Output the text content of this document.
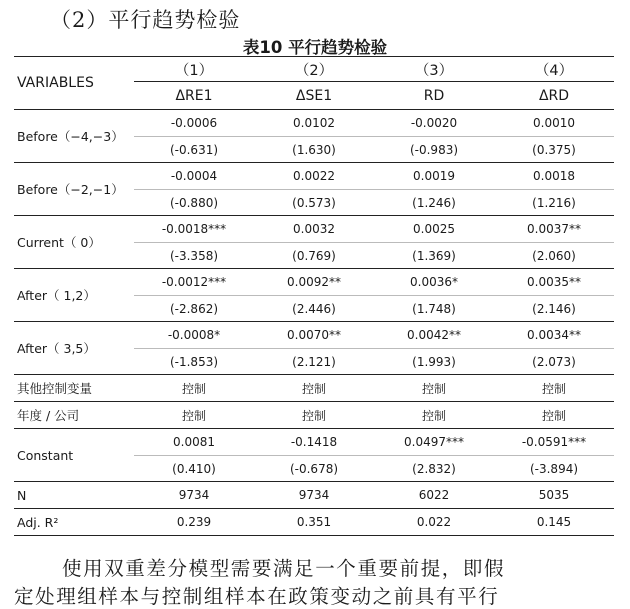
（2）平行趋势检验
表10 平行趋势检验
VARIABLES	（1）	（2）	（3）	（4）
	ΔRE1	ΔSE1	RD	ΔRD
Before（−4,−3）	-0.0006	0.0102	-0.0020	0.0010
	(-0.631)	(1.630)	(-0.983)	(0.375)
Before（−2,−1）	-0.0004	0.0022	0.0019	0.0018
	(-0.880)	(0.573)	(1.246)	(1.216)
Current（ 0）	-0.0018***	0.0032	0.0025	0.0037**
	(-3.358)	(0.769)	(1.369)	(2.060)
After（ 1,2）	-0.0012***	0.0092**	0.0036*	0.0035**
	(-2.862)	(2.446)	(1.748)	(2.146)
After（ 3,5）	-0.0008*	0.0070**	0.0042**	0.0034**
	(-1.853)	(2.121)	(1.993)	(2.073)
其他控制变量	控制	控制	控制	控制
年度 / 公司	控制	控制	控制	控制
Constant	0.0081	-0.1418	0.0497***	-0.0591***
	(0.410)	(-0.678)	(2.832)	(-3.894)
N	9734	9734	6022	5035
Adj. R²	0.239	0.351	0.022	0.145
使用双重差分模型需要满足一个重要前提，即假
定处理组样本与控制组样本在政策变动之前具有平行
